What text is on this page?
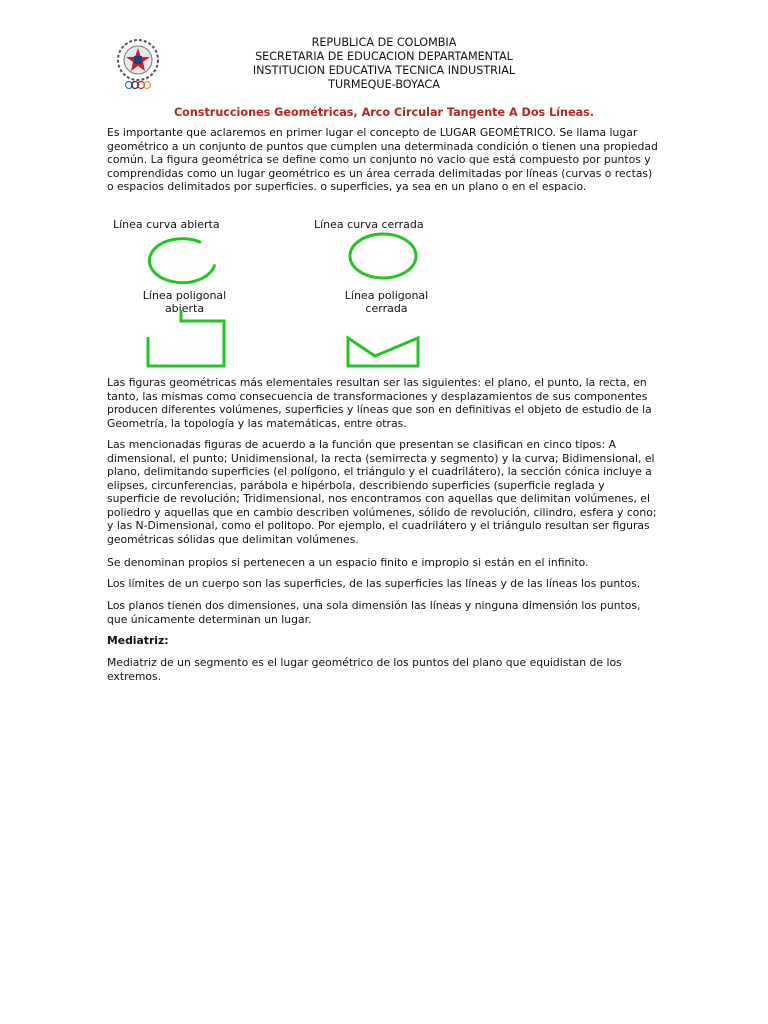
REPUBLICA DE COLOMBIA
SECRETARIA DE EDUCACION DEPARTAMENTAL
INSTITUCION EDUCATIVA TECNICA INDUSTRIAL
TURMEQUE-BOYACA
Construcciones Geométricas, Arco Circular Tangente A Dos Líneas.

Es importante que aclaremos en primer lugar el concepto de LUGAR GEOMÉTRICO. Se llama lugar geométrico a un conjunto de puntos que cumplen una determinada condición o tienen una propiedad común. La figura geométrica se define como un conjunto no vacio que está compuesto por puntos y comprendidas como un lugar geométrico es un área cerrada delimitadas por líneas (curvas o rectas) o espacios delimitados por superficies. o superficies, ya sea en un plano o en el espacio.

Línea curva abierta	Línea curva cerrada
Línea poligonal
abierta
Línea poligonal
cerrada

Las figuras geométricas más elementales resultan ser las siguientes: el plano, el punto, la recta, en tanto, las mismas como consecuencia de transformaciones y desplazamientos de sus componentes producen diferentes volúmenes, superficies y líneas que son en definitivas el objeto de estudio de la Geometría, la topología y las matemáticas, entre otras.

Las mencionadas figuras de acuerdo a la función que presentan se clasifican en cinco tipos: A dimensional, el punto; Unidimensional, la recta (semirrecta y segmento) y la curva; Bidimensional, el plano, delimitando superficies (el polígono, el triángulo y el cuadrilátero), la sección cónica incluye a elipses, circunferencias, parábola e hipérbola, describiendo superficies (superficie reglada y superficie de revolución; Tridimensional, nos encontramos con aquellas que delimitan volúmenes, el poliedro y aquellas que en cambio describen volúmenes, sólido de revolución, cilindro, esfera y cono; y las N-Dimensional, como el politopo. Por ejemplo, el cuadrilátero y el triángulo resultan ser figuras geométricas sólidas que delimitan volúmenes.

Se denominan propios si pertenecen a un espacio finito e impropio si están en el infinito.

Los límites de un cuerpo son las superficies, de las superficies las líneas y de las líneas los puntos.

Los planos tienen dos dimensiones, una sola dimensión las líneas y ninguna dimensión los puntos, que únicamente determinan un lugar.

Mediatriz:

Mediatriz de un segmento es el lugar geométrico de los puntos del plano que equidistan de los extremos.
